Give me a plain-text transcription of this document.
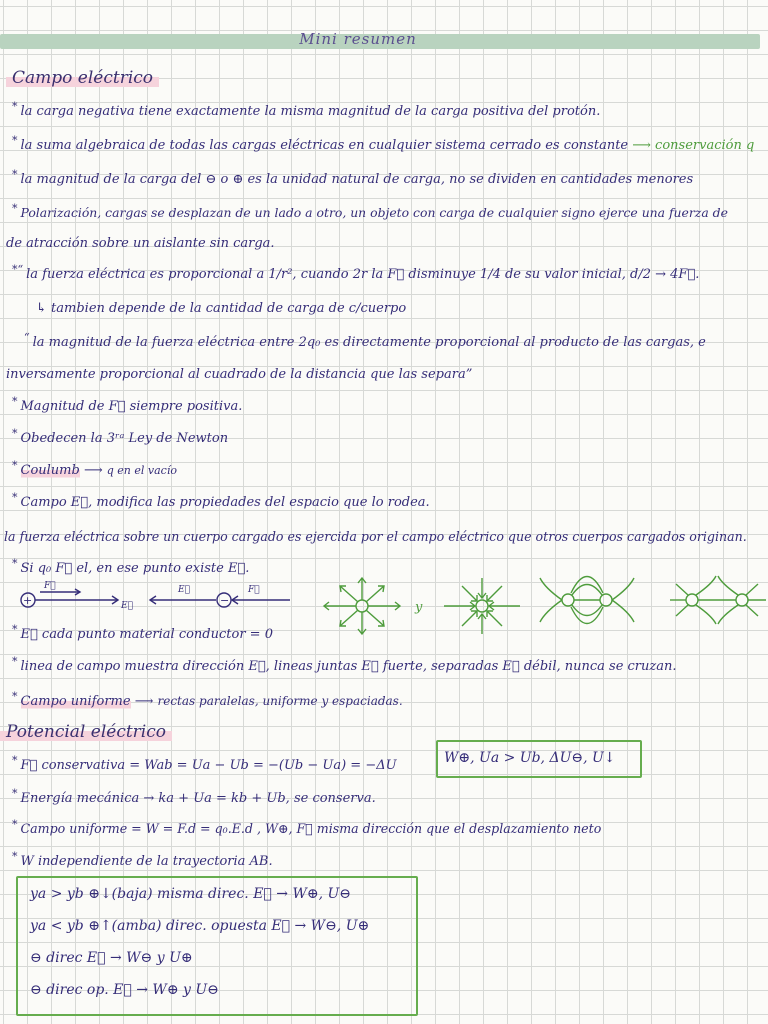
Mini resumen
Campo eléctrico
* la carga negativa tiene exactamente la misma magnitud de la carga positiva del protón.
* la suma algebraica de todas las cargas eléctricas en cualquier sistema cerrado es constante ⟶ conservación q
* la magnitud de la carga del ⊖ o ⊕ es la unidad natural de carga, no se dividen en cantidades menores
* Polarización, cargas se desplazan de un lado a otro, un objeto con carga de cualquier signo ejerce una fuerza de
de atracción sobre un aislante sin carga.
*“ la fuerza eléctrica es proporcional a 1/r², cuando 2r la F⃗ disminuye 1/4 de su valor inicial, d/2 → 4F⃗.
↳ tambien depende de la cantidad de carga de c/cuerpo
“ la magnitud de la fuerza eléctrica entre 2q₀ es directamente proporcional al producto de las cargas, e
inversamente proporcional al cuadrado de la distancia que las separa”
* Magnitud de F⃗ siempre positiva.
* Obedecen la 3ʳᵃ Ley de Newton
* Coulumb ⟶ q en el vacío
* Campo E⃗, modifica las propiedades del espacio que lo rodea.
la fuerza eléctrica sobre un cuerpo cargado es ejercida por el campo eléctrico que otros cuerpos cargados originan.
* Si q₀ F⃗ el, en ese punto existe E⃗.
+	−
F⃗
E⃗
E⃗	F⃗
y
* E⃗ cada punto material conductor = 0
* linea de campo muestra dirección E⃗, lineas juntas E⃗ fuerte, separadas E⃗ débil, nunca se cruzan.
* Campo uniforme ⟶ rectas paralelas, uniforme y espaciadas.
Potencial eléctrico
* F⃗ conservativa = Wab = Ua − Ub = −(Ub − Ua) = −ΔU	W⊕, Ua > Ub, ΔU⊖, U↓
* Energía mecánica → ka + Ua = kb + Ub, se conserva.
* Campo uniforme = W = F.d = q₀.E.d , W⊕, F⃗ misma dirección que el desplazamiento neto
* W independiente de la trayectoria AB.
ya > yb ⊕↓(baja) misma direc. E⃗ → W⊕, U⊖
ya < yb ⊕↑(amba) direc. opuesta E⃗ → W⊖, U⊕
⊖ direc E⃗ → W⊖ y U⊕
⊖ direc op. E⃗ → W⊕ y U⊖
